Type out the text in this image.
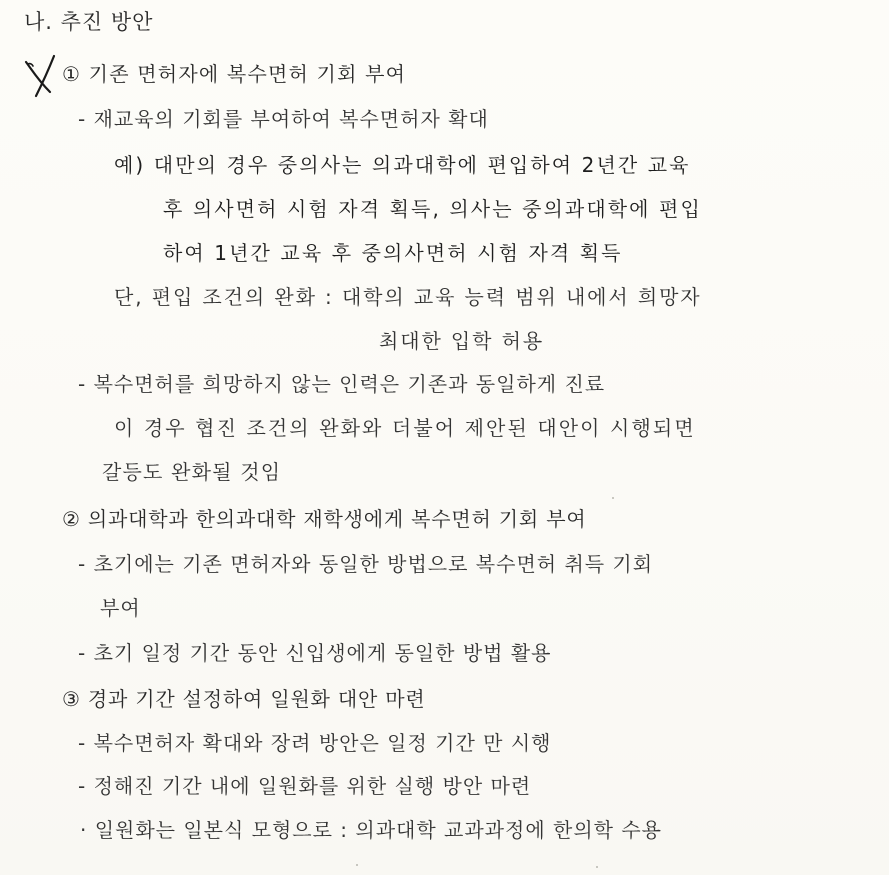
나. 추진 방안

① 기존 면허자에 복수면허 기회 부여

- 재교육의 기회를 부여하여 복수면허자 확대

예) 대만의 경우 중의사는 의과대학에 편입하여 2년간 교육

후 의사면허 시험 자격 획득, 의사는 중의과대학에 편입

하여 1년간 교육 후 중의사면허 시험 자격 획득

단, 편입 조건의 완화 : 대학의 교육 능력 범위 내에서 희망자

최대한 입학 허용

- 복수면허를 희망하지 않는 인력은 기존과 동일하게 진료

이 경우 협진 조건의 완화와 더불어 제안된 대안이 시행되면

갈등도 완화될 것임

② 의과대학과 한의과대학 재학생에게 복수면허 기회 부여

- 초기에는 기존 면허자와 동일한 방법으로 복수면허 취득 기회

부여

- 초기 일정 기간 동안 신입생에게 동일한 방법 활용

③ 경과 기간 설정하여 일원화 대안 마련

- 복수면허자 확대와 장려 방안은 일정 기간 만 시행

- 정해진 기간 내에 일원화를 위한 실행 방안 마련

· 일원화는 일본식 모형으로 : 의과대학 교과과정에 한의학 수용
